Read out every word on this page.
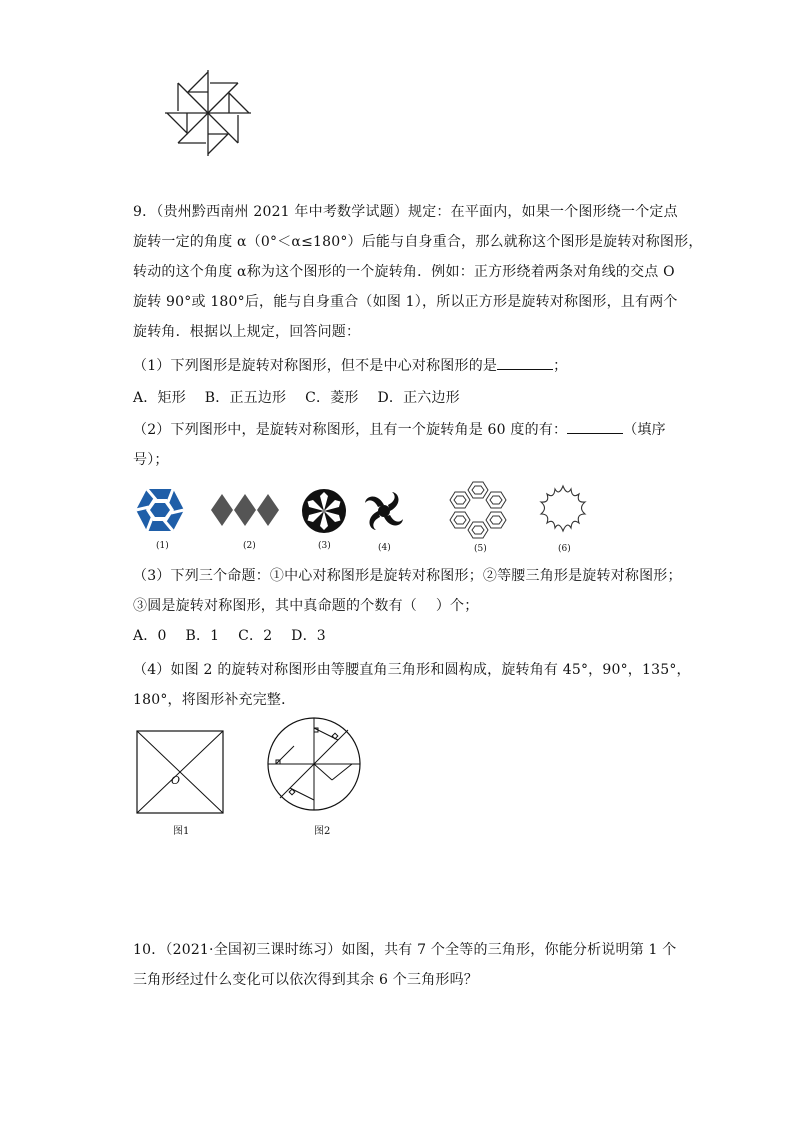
9．（贵州黔西南州 2021 年中考数学试题）规定：在平面内，如果一个图形绕一个定点
旋转一定的角度 α（0°＜α≤180°）后能与自身重合，那么就称这个图形是旋转对称图形，
转动的这个角度 α称为这个图形的一个旋转角．例如：正方形绕着两条对角线的交点 O
旋转 90°或 180°后，能与自身重合（如图 1），所以正方形是旋转对称图形，且有两个
旋转角．根据以上规定，回答问题：
（1）下列图形是旋转对称图形，但不是中心对称图形的是	；
A．矩形　 B．正五边形　 C．菱形　 D．正六边形
（2）下列图形中，是旋转对称图形，且有一个旋转角是 60 度的有：	（填序
号）；
(1)	(2)	(3)	(4)	(5)	(6)
（3）下列三个命题：①中心对称图形是旋转对称图形；②等腰三角形是旋转对称图形；
③圆是旋转对称图形，其中真命题的个数有（　 ）个；
A．0　 B．1　 C．2　 D．3
（4）如图 2 的旋转对称图形由等腰直角三角形和圆构成，旋转角有 45°，90°，135°，
180°，将图形补充完整．
O
图1	图2
10．（2021·全国初三课时练习）如图，共有 7 个全等的三角形，你能分析说明第 1 个
三角形经过什么变化可以依次得到其余 6 个三角形吗？
